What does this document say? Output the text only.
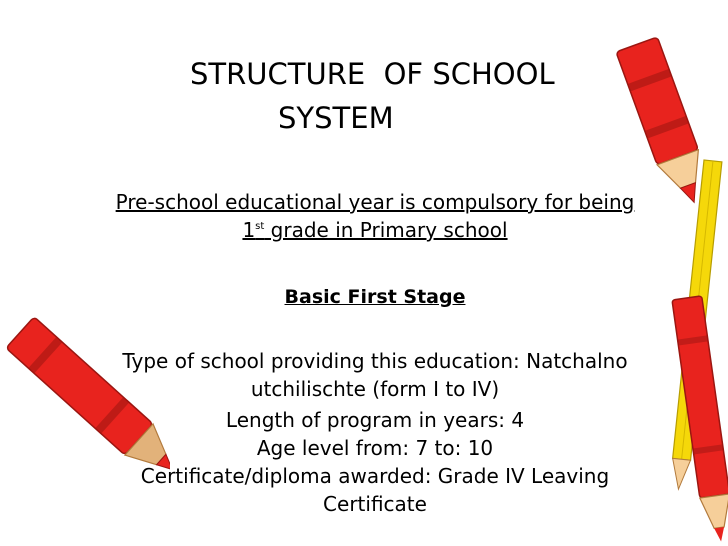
STRUCTURE  OF SCHOOL
SYSTEM
Pre-school educational year is compulsory for being 1st grade in Primary school
Basic First Stage
Type of school providing this education: Natchalno utchilischte (form I to IV)
Length of program in years: 4
Age level from: 7 to: 10
Certificate/diploma awarded: Grade IV Leaving Certificate
